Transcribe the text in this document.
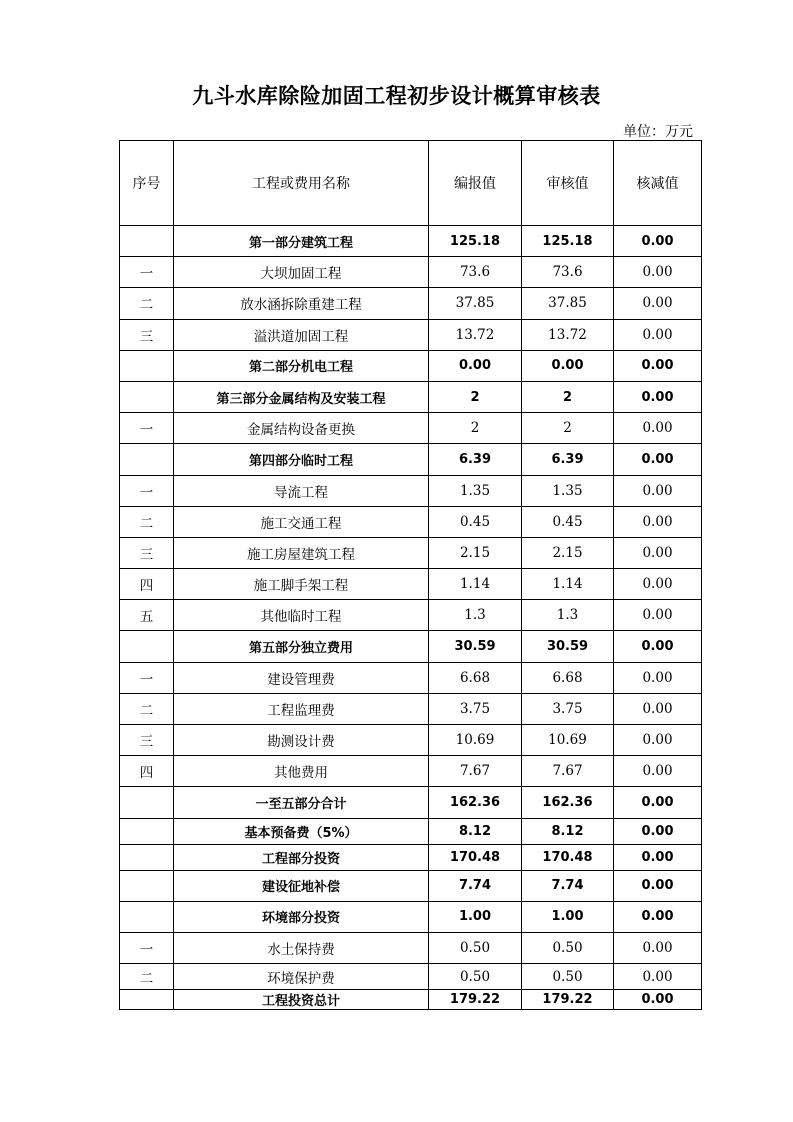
九斗水库除险加固工程初步设计概算审核表
单位：万元
序号	工程或费用名称	编报值	审核值	核减值
	第一部分建筑工程	125.18	125.18	0.00
一	大坝加固工程	73.6	73.6	0.00
二	放水涵拆除重建工程	37.85	37.85	0.00
三	溢洪道加固工程	13.72	13.72	0.00
	第二部分机电工程	0.00	0.00	0.00
	第三部分金属结构及安装工程	2	2	0.00
一	金属结构设备更换	2	2	0.00
	第四部分临时工程	6.39	6.39	0.00
一	导流工程	1.35	1.35	0.00
二	施工交通工程	0.45	0.45	0.00
三	施工房屋建筑工程	2.15	2.15	0.00
四	施工脚手架工程	1.14	1.14	0.00
五	其他临时工程	1.3	1.3	0.00
	第五部分独立费用	30.59	30.59	0.00
一	建设管理费	6.68	6.68	0.00
二	工程监理费	3.75	3.75	0.00
三	勘测设计费	10.69	10.69	0.00
四	其他费用	7.67	7.67	0.00
	一至五部分合计	162.36	162.36	0.00
	基本预备费（5%）	8.12	8.12	0.00
	工程部分投资	170.48	170.48	0.00
	建设征地补偿	7.74	7.74	0.00
	环境部分投资	1.00	1.00	0.00
一	水土保持费	0.50	0.50	0.00
二	环境保护费	0.50	0.50	0.00
	工程投资总计	179.22	179.22	0.00
